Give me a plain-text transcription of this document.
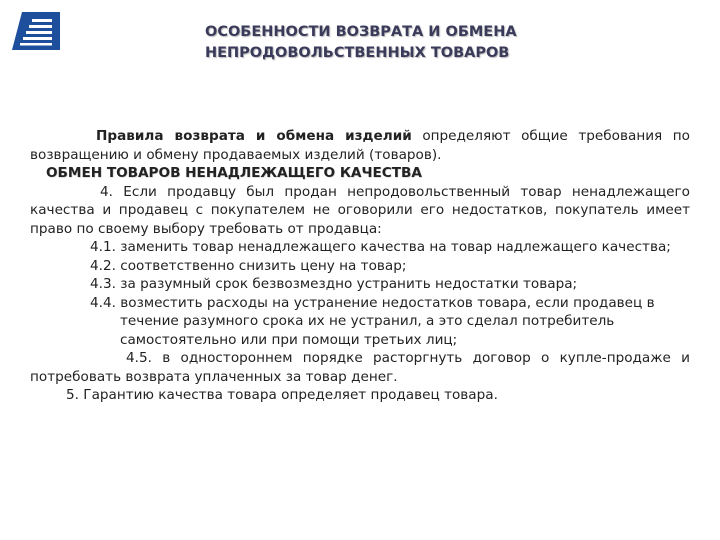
ОСОБЕННОСТИ ВОЗВРАТА И ОБМЕНА
НЕПРОДОВОЛЬСТВЕННЫХ ТОВАРОВ

Правила возврата и обмена изделий определяют общие требования по возвращению и обмену продаваемых изделий (товаров).

ОБМЕН ТОВАРОВ НЕНАДЛЕЖАЩЕГО КАЧЕСТВА

4. Если продавцу был продан непродовольственный товар ненадлежащего качества и продавец с покупателем не оговорили его недостатков, покупатель имеет право по своему выбору требовать от продавца:

4.1. заменить товар ненадлежащего качества на товар надлежащего качества;

4.2. соответственно снизить цену на товар;

4.3. за разумный срок безвозмездно устранить недостатки товара;

4.4. возместить расходы на устранение недостатков товара, если продавец в течение разумного срока их не устранил, а это сделал потребитель самостоятельно или при помощи третьих лиц;

4.5. в одностороннем порядке расторгнуть договор о купле-продаже и потребовать возврата уплаченных за товар денег.

5. Гарантию качества товара определяет продавец товара.
